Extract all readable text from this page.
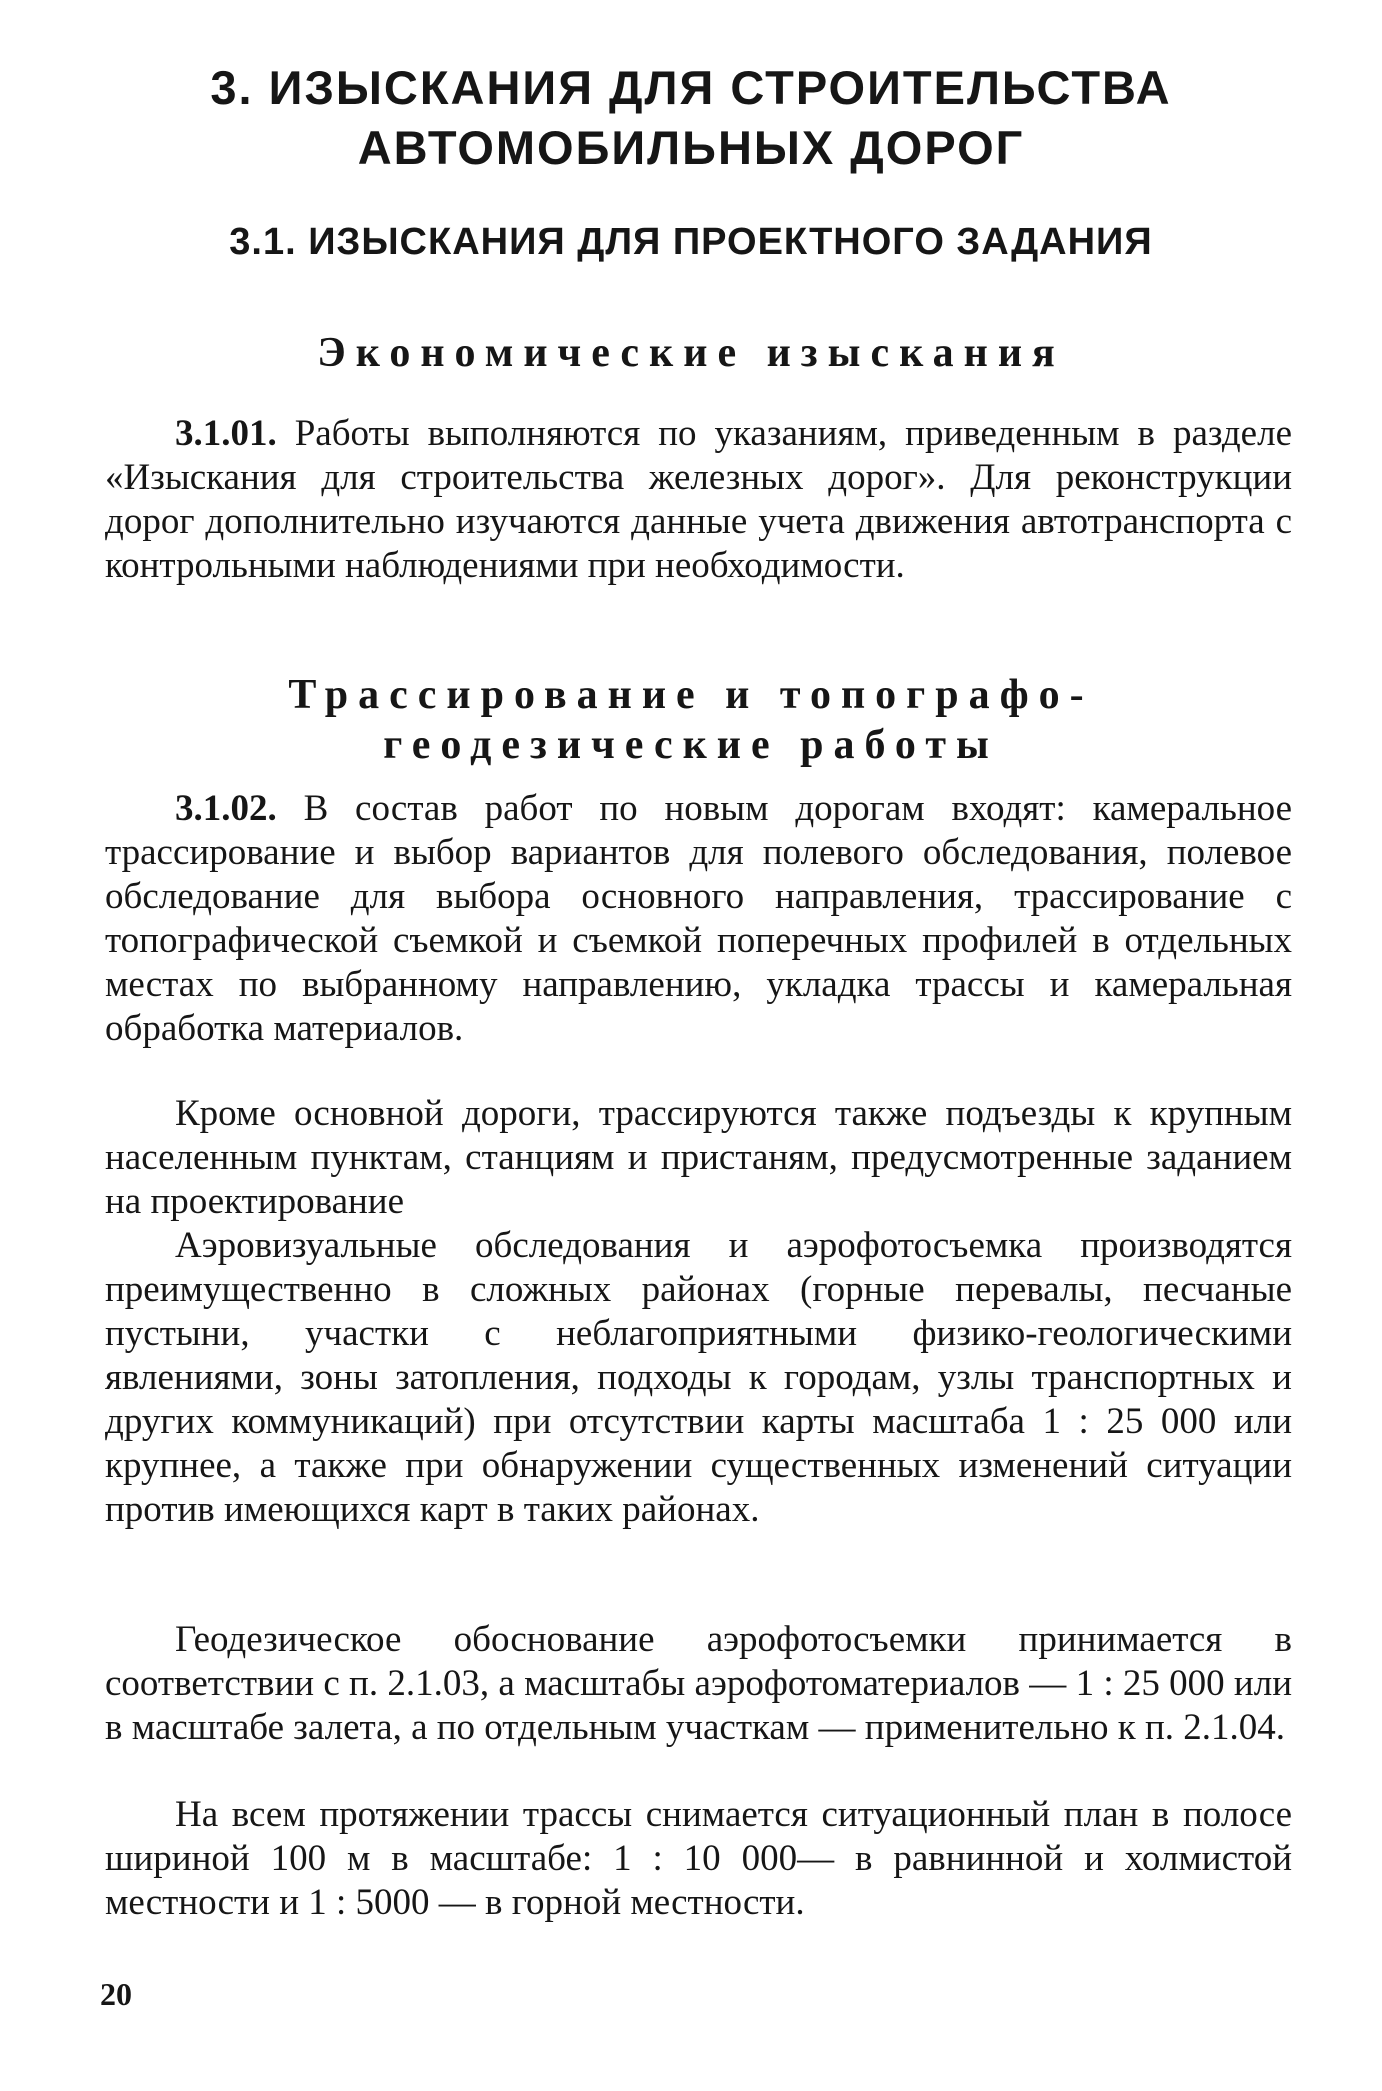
3. ИЗЫСКАНИЯ ДЛЯ СТРОИТЕЛЬСТВА
АВТОМОБИЛЬНЫХ ДОРОГ
3.1. ИЗЫСКАНИЯ ДЛЯ ПРОЕКТНОГО ЗАДАНИЯ
Экономические изыскания

3.1.01. Работы выполняются по указаниям, приведенным в разделе «Изыскания для строительства железных дорог». Для реконструкции дорог дополнительно изучаются данные учета движения автотранспорта с контрольными наблюдениями при необходимости.

Трассирование и топографо-
геодезические работы

3.1.02. В состав работ по новым дорогам входят: камеральное трассирование и выбор вариантов для полевого обследования, полевое обследование для выбора основного направления, трассирование с топографической съемкой и съемкой поперечных профилей в отдельных местах по выбранному направлению, укладка трассы и камеральная обработка материалов.

Кроме основной дороги, трассируются также подъезды к крупным населенным пунктам, станциям и пристаням, предусмотренные заданием на проектирование

Аэровизуальные обследования и аэрофотосъемка производятся преимущественно в сложных районах (горные перевалы, песчаные пустыни, участки с неблагоприятными физико-геологическими явлениями, зоны затопления, подходы к городам, узлы транспортных и других коммуникаций) при отсутствии карты масштаба 1 : 25 000 или крупнее, а также при обнаружении существенных изменений ситуации против имеющихся карт в таких районах.

Геодезическое обоснование аэрофотосъемки принимается в соответствии с п. 2.1.03, а масштабы аэрофотоматериалов — 1 : 25 000 или в масштабе залета, а по отдельным участкам — применительно к п. 2.1.04.

На всем протяжении трассы снимается ситуационный план в полосе шириной 100 м в масштабе: 1 : 10 000— в равнинной и холмистой местности и 1 : 5000 — в горной местности.

20
